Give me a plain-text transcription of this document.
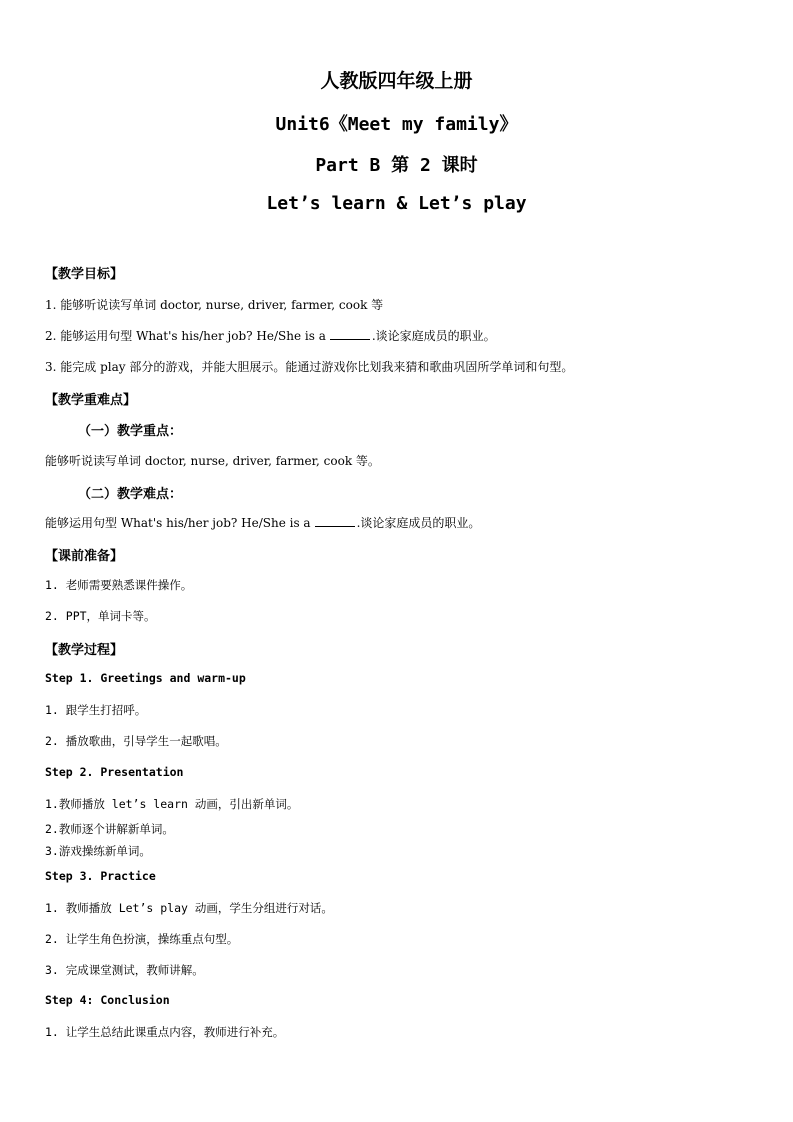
人教版四年级上册
Unit6《Meet my family》
Part B 第 2 课时
Let’s learn & Let’s play
【教学目标】
1. 能够听说读写单词 doctor, nurse, driver, farmer, cook 等
2. 能够运用句型 What's his/her job? He/She is a	.谈论家庭成员的职业。
3. 能完成 play 部分的游戏，并能大胆展示。能通过游戏你比划我来猜和歌曲巩固所学单词和句型。
【教学重难点】
（一）教学重点：
能够听说读写单词 doctor, nurse, driver, farmer, cook 等。
（二）教学难点：
能够运用句型 What's his/her job? He/She is a	.谈论家庭成员的职业。
【课前准备】
1. 老师需要熟悉课件操作。
2. PPT，单词卡等。
【教学过程】
Step 1. Greetings and warm-up
1. 跟学生打招呼。
2. 播放歌曲，引导学生一起歌唱。
Step 2. Presentation
1.教师播放 let’s learn 动画，引出新单词。
2.教师逐个讲解新单词。
3.游戏操练新单词。
Step 3. Practice
1. 教师播放 Let’s play 动画，学生分组进行对话。
2. 让学生角色扮演，操练重点句型。
3. 完成课堂测试，教师讲解。
Step 4: Conclusion
1. 让学生总结此课重点内容，教师进行补充。
